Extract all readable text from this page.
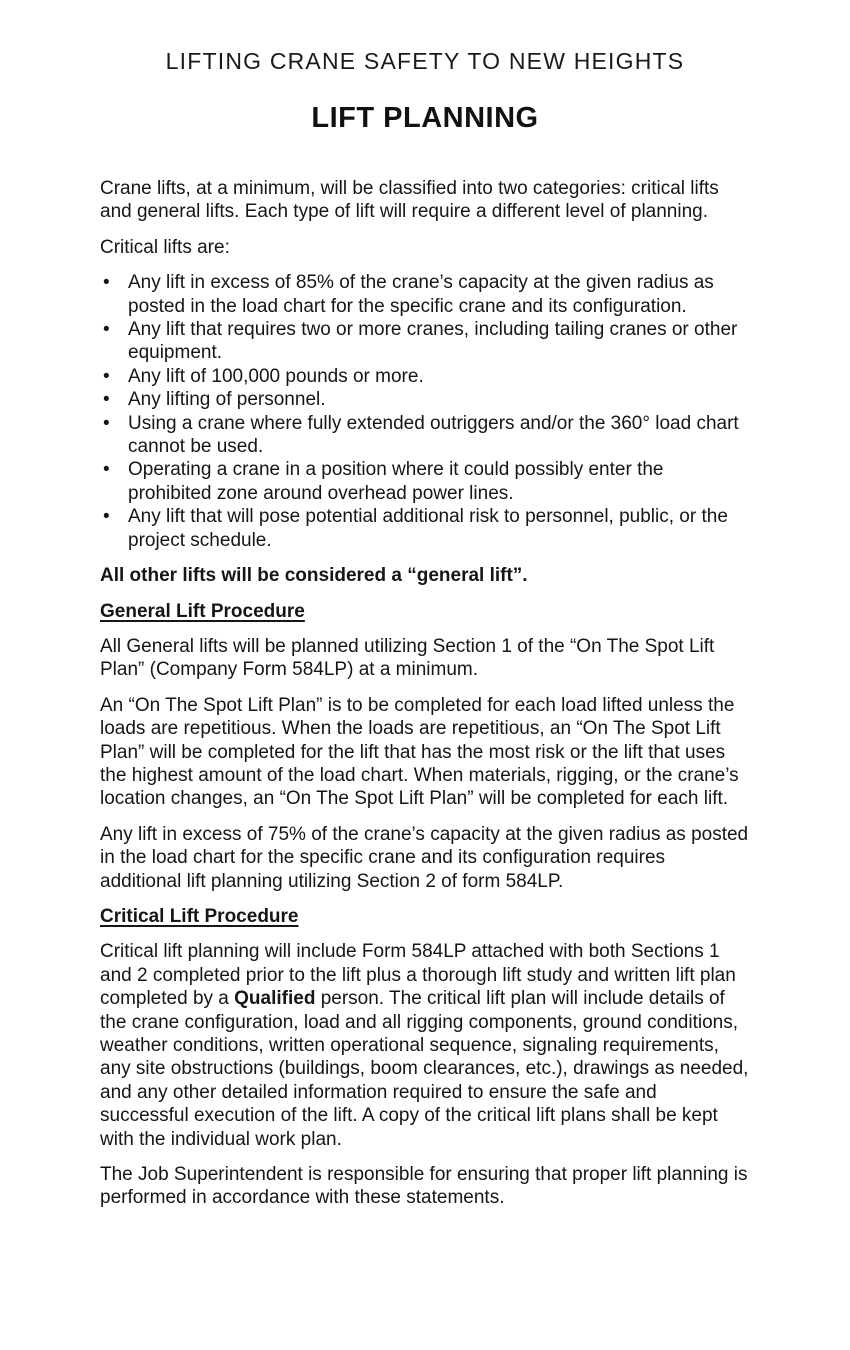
LIFTING CRANE SAFETY TO NEW HEIGHTS
LIFT PLANNING

Crane lifts, at a minimum, will be classified into two categories: critical lifts and general lifts. Each type of lift will require a different level of planning.

Critical lifts are:

• Any lift in excess of 85% of the crane’s capacity at the given radius as posted in the load chart for the specific crane and its configuration.
• Any lift that requires two or more cranes, including tailing cranes or other equipment.
• Any lift of 100,000 pounds or more.
• Any lifting of personnel.
• Using a crane where fully extended outriggers and/or the 360° load chart cannot be used.
• Operating a crane in a position where it could possibly enter the prohibited zone around overhead power lines.
• Any lift that will pose potential additional risk to personnel, public, or the project schedule.

All other lifts will be considered a “general lift”.

General Lift Procedure

All General lifts will be planned utilizing Section 1 of the “On The Spot Lift Plan” (Company Form 584LP) at a minimum.

An “On The Spot Lift Plan” is to be completed for each load lifted unless the loads are repetitious. When the loads are repetitious, an “On The Spot Lift Plan” will be completed for the lift that has the most risk or the lift that uses the highest amount of the load chart. When materials, rigging, or the crane’s location changes, an “On The Spot Lift Plan” will be completed for each lift.

Any lift in excess of 75% of the crane’s capacity at the given radius as posted in the load chart for the specific crane and its configuration requires additional lift planning utilizing Section 2 of form 584LP.

Critical Lift Procedure

Critical lift planning will include Form 584LP attached with both Sections 1 and 2 completed prior to the lift plus a thorough lift study and written lift plan completed by a Qualified person. The critical lift plan will include details of the crane configuration, load and all rigging components, ground conditions, weather conditions, written operational sequence, signaling requirements, any site obstructions (buildings, boom clearances, etc.), drawings as needed, and any other detailed information required to ensure the safe and successful execution of the lift. A copy of the critical lift plans shall be kept with the individual work plan.

The Job Superintendent is responsible for ensuring that proper lift planning is performed in accordance with these statements.
